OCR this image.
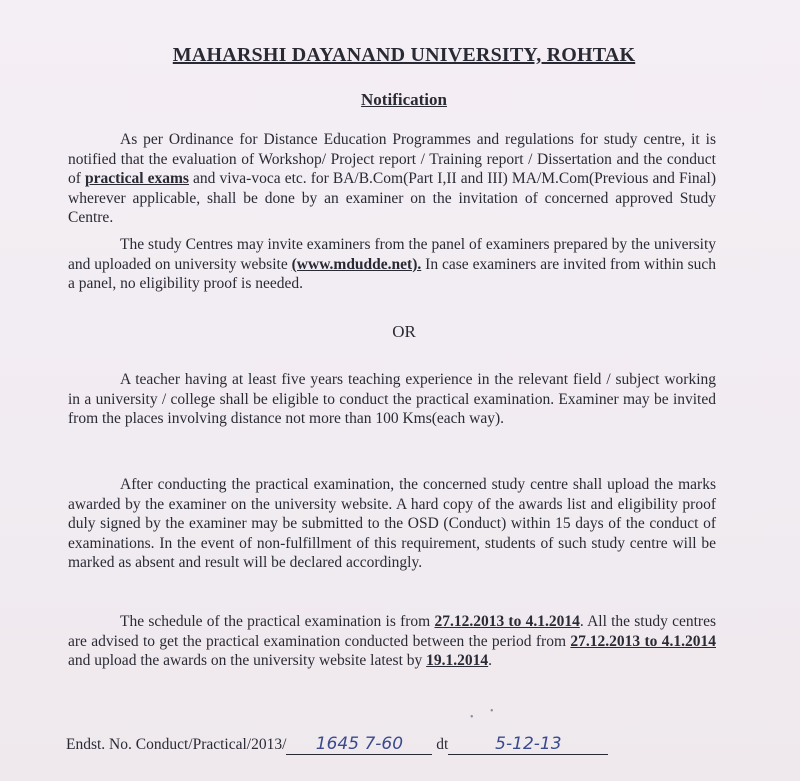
MAHARSHI DAYANAND UNIVERSITY, ROHTAK
Notification
As per Ordinance for Distance Education Programmes and regulations for study centre, it is notified that the evaluation of Workshop/ Project report / Training report / Dissertation and the conduct of practical exams and viva-voca etc. for BA/B.Com(Part I,II and III) MA/M.Com(Previous and Final) wherever applicable, shall be done by an examiner on the invitation of concerned approved Study Centre.
The study Centres may invite examiners from the panel of examiners prepared by the university and uploaded on university website (www.mdudde.net). In case examiners are invited from within such a panel, no eligibility proof is needed.
OR
A teacher having at least five years teaching experience in the relevant field / subject working in a university / college shall be eligible to conduct the practical examination. Examiner may be invited from the places involving distance not more than 100 Kms(each way).
After conducting the practical examination, the concerned study centre shall upload the marks awarded by the examiner on the university website. A hard copy of the awards list and eligibility proof duly signed by the examiner may be submitted to the OSD (Conduct) within 15 days of the conduct of examinations. In the event of non-fulfillment of this requirement, students of such study centre will be marked as absent and result will be declared accordingly.
The schedule of the practical examination is from 27.12.2013 to 4.1.2014. All the study centres are advised to get the practical examination conducted between the period from 27.12.2013 to 4.1.2014 and upload the awards on the university website latest by 19.1.2014.
Endst. No. Conduct/Practical/2013/ 1645 7-60 dt	5-12-13
•
•
